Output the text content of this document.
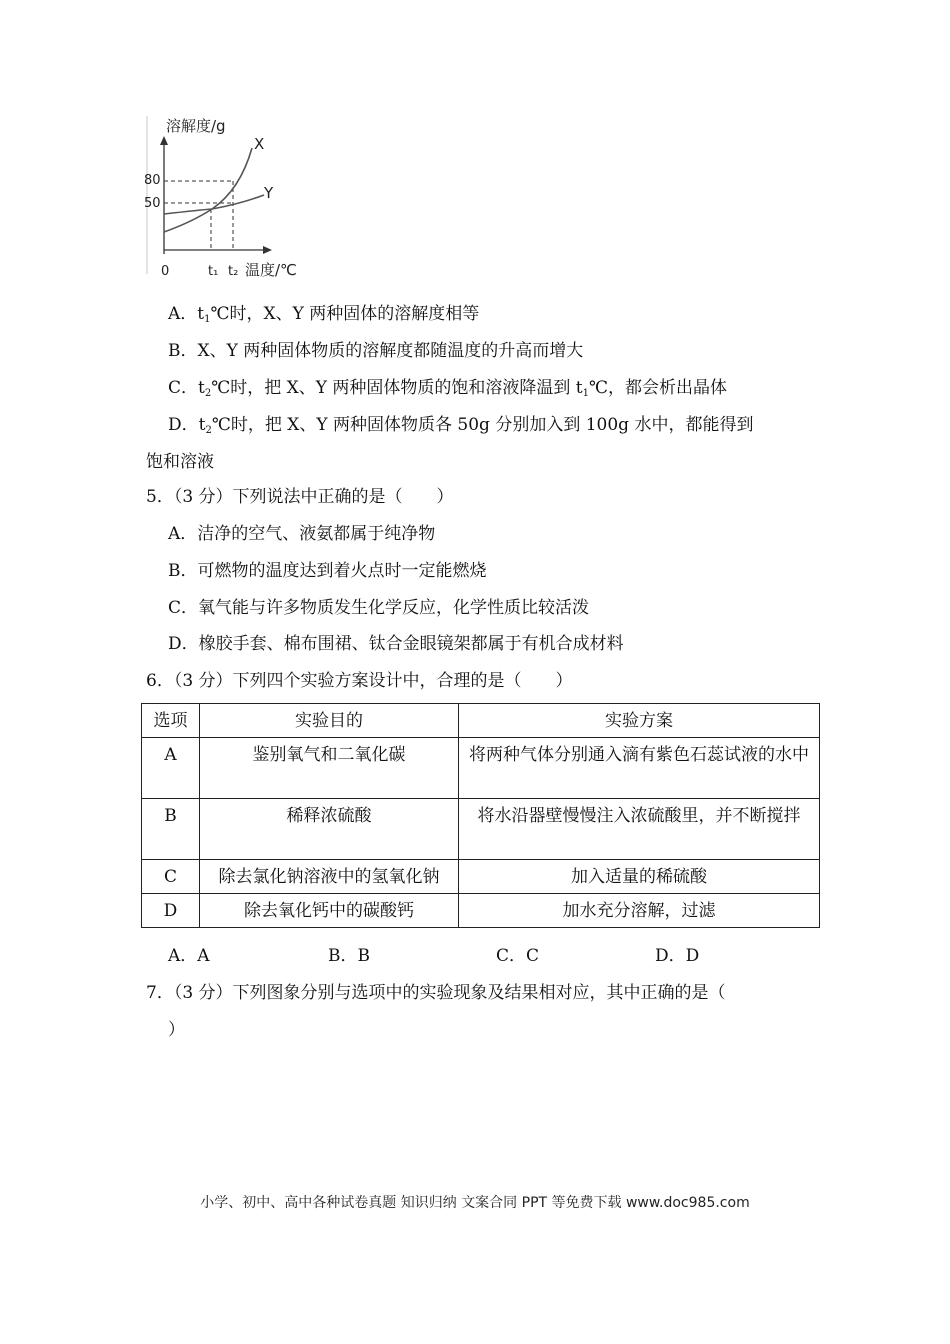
溶解度/g
温度/℃
80
50
0	t₁ t₂
X
Y
A．$t_1℃$时，X、Y 两种固体的溶解度相等
B．X、Y 两种固体物质的溶解度都随温度的升高而增大
C．$t_2℃$时，把 X、Y 两种固体物质的饱和溶液降温到 $t_1℃$，都会析出晶体
D．$t_2℃$时，把 X、Y 两种固体物质各 50g 分别加入到 100g 水中，都能得到
饱和溶液
5．（3 分）下列说法中正确的是（　　）
A．洁净的空气、液氨都属于纯净物
B．可燃物的温度达到着火点时一定能燃烧
C．氧气能与许多物质发生化学反应，化学性质比较活泼
D．橡胶手套、棉布围裙、钛合金眼镜架都属于有机合成材料
6．（3 分）下列四个实验方案设计中，合理的是（　　）
选项	实验目的	实验方案
A	鉴别氧气和二氧化碳	将两种气体分别通入滴有紫色石蕊试液的水中
B	稀释浓硫酸	将水沿器壁慢慢注入浓硫酸里，并不断搅拌
C	除去氯化钠溶液中的氢氧化钠	加入适量的稀硫酸
D	除去氧化钙中的碳酸钙	加水充分溶解，过滤
A．A	B．B	C．C	D．D
7．（3 分）下列图象分别与选项中的实验现象及结果相对应，其中正确的是（
）
小学、初中、高中各种试卷真题 知识归纳 文案合同 PPT 等免费下载 www.doc985.com
